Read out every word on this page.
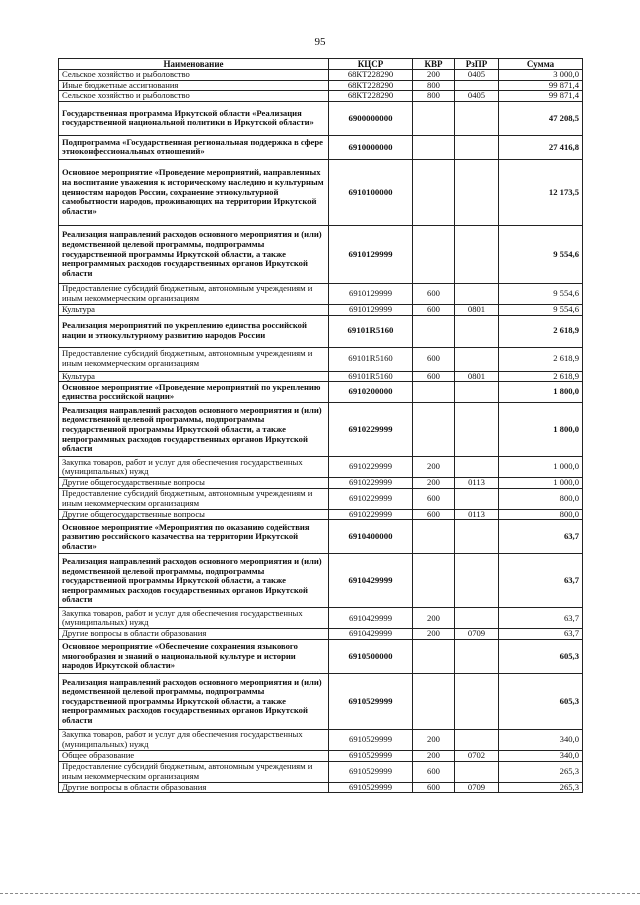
95
Наименование	КЦСР	КВР	РзПР	Сумма
Сельское хозяйство и рыболовство	68КТ228290	200	0405	3 000,0
Иные бюджетные ассигнования	68КТ228290	800		99 871,4
Сельское хозяйство и рыболовство	68КТ228290	800	0405	99 871,4
Государственная программа Иркутской области «Реализация государственной национальной политики в Иркутской области»	6900000000			47 208,5
Подпрограмма «Государственная региональная поддержка в сфере этноконфессиональных отношений»	6910000000			27 416,8
Основное мероприятие «Проведение мероприятий, направленных на воспитание уважения к историческому наследию и культурным ценностям народов России, сохранение этнокультурной самобытности народов, проживающих на территории Иркутской области»	6910100000			12 173,5
Реализация направлений расходов основного мероприятия и (или) ведомственной целевой программы, подпрограммы государственной программы Иркутской области, а также непрограммных расходов государственных органов Иркутской области	6910129999			9 554,6
Предоставление субсидий бюджетным, автономным учреждениям и иным некоммерческим организациям	6910129999	600		9 554,6
Культура	6910129999	600	0801	9 554,6
Реализация мероприятий по укреплению единства российской нации и этнокультурному развитию народов России	69101R5160			2 618,9
Предоставление субсидий бюджетным, автономным учреждениям и иным некоммерческим организациям	69101R5160	600		2 618,9
Культура	69101R5160	600	0801	2 618,9
Основное мероприятие «Проведение мероприятий по укреплению единства российской нации»	6910200000			1 800,0
Реализация направлений расходов основного мероприятия и (или) ведомственной целевой программы, подпрограммы государственной программы Иркутской области, а также непрограммных расходов государственных органов Иркутской области	6910229999			1 800,0
Закупка товаров, работ и услуг для обеспечения государственных (муниципальных) нужд	6910229999	200		1 000,0
Другие общегосударственные вопросы	6910229999	200	0113	1 000,0
Предоставление субсидий бюджетным, автономным учреждениям и иным некоммерческим организациям	6910229999	600		800,0
Другие общегосударственные вопросы	6910229999	600	0113	800,0
Основное мероприятие «Мероприятия по оказанию содействия развитию российского казачества на территории Иркутской области»	6910400000			63,7
Реализация направлений расходов основного мероприятия и (или) ведомственной целевой программы, подпрограммы государственной программы Иркутской области, а также непрограммных расходов государственных органов Иркутской области	6910429999			63,7
Закупка товаров, работ и услуг для обеспечения государственных (муниципальных) нужд	6910429999	200		63,7
Другие вопросы в области образования	6910429999	200	0709	63,7
Основное мероприятие «Обеспечение сохранения языкового многообразия и знаний о национальной культуре и истории народов Иркутской области»	6910500000			605,3
Реализация направлений расходов основного мероприятия и (или) ведомственной целевой программы, подпрограммы государственной программы Иркутской области, а также непрограммных расходов государственных органов Иркутской области	6910529999			605,3
Закупка товаров, работ и услуг для обеспечения государственных (муниципальных) нужд	6910529999	200		340,0
Общее образование	6910529999	200	0702	340,0
Предоставление субсидий бюджетным, автономным учреждениям и иным некоммерческим организациям	6910529999	600		265,3
Другие вопросы в области образования	6910529999	600	0709	265,3
